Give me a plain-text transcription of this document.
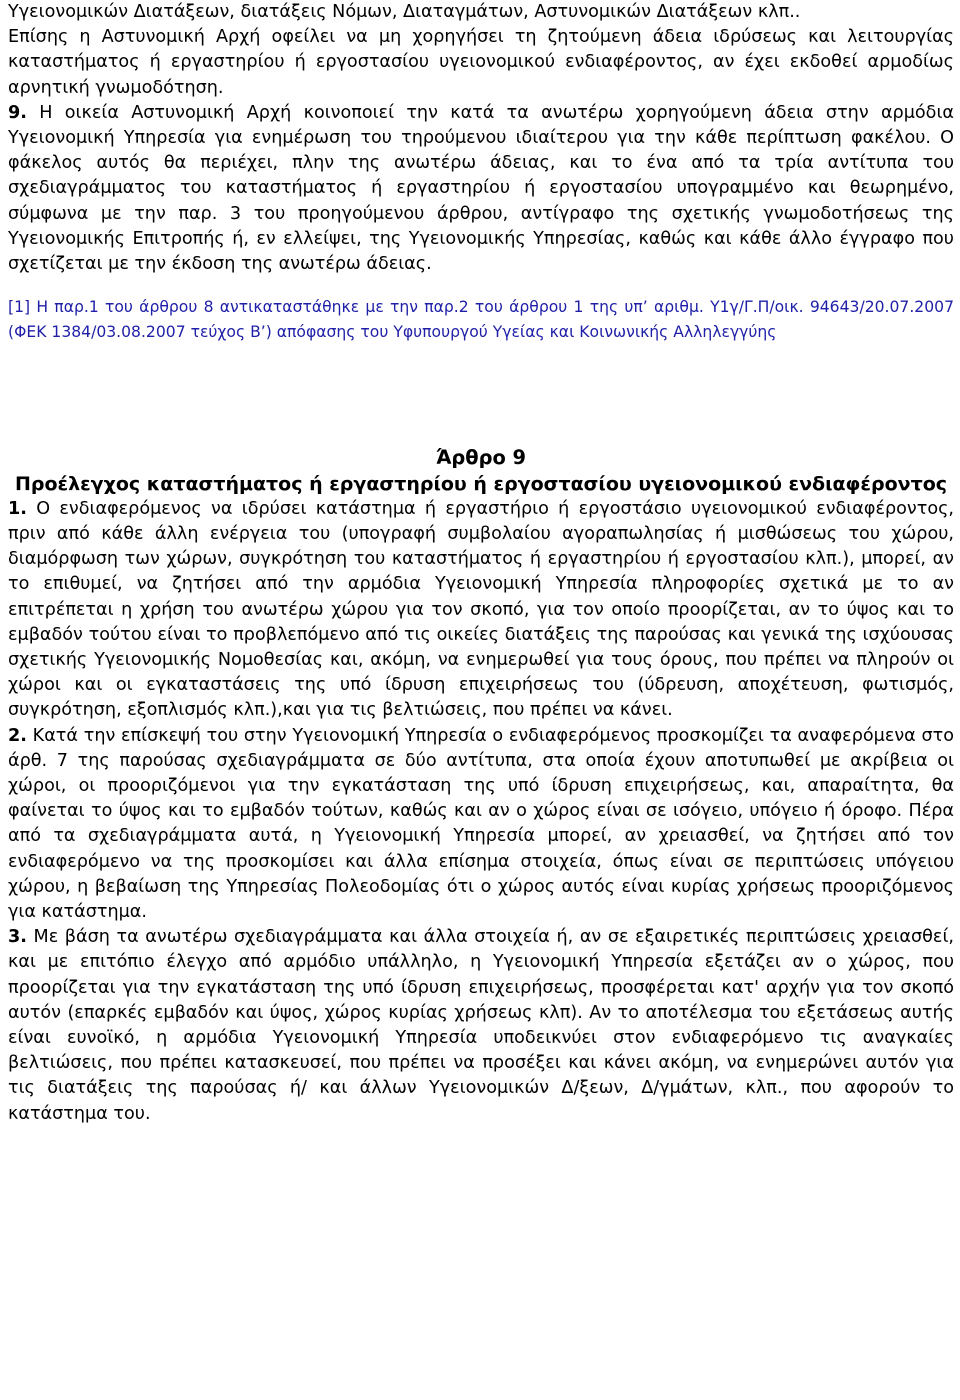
Υγειονομικών Διατάξεων, διατάξεις Νόμων, Διαταγμάτων, Αστυνομικών Διατάξεων κλπ..

Επίσης η Αστυνομική Αρχή οφείλει να μη χορηγήσει τη ζητούμενη άδεια ιδρύσεως και λειτουργίας καταστήματος ή εργαστηρίου ή εργοστασίου υγειονομικού ενδιαφέροντος, αν έχει εκδοθεί αρμοδίως αρνητική γνωμοδότηση.

9. Η οικεία Αστυνομική Αρχή κοινοποιεί την κατά τα ανωτέρω χορηγούμενη άδεια στην αρμόδια Υγειονομική Υπηρεσία για ενημέρωση του τηρούμενου ιδιαίτερου για την κάθε περίπτωση φακέλου. Ο φάκελος αυτός θα περιέχει, πλην της ανωτέρω άδειας, και το ένα από τα τρία αντίτυπα του σχεδιαγράμματος του καταστήματος ή εργαστηρίου ή εργοστασίου υπογραμμένο και θεωρημένο, σύμφωνα με την παρ. 3 του προηγούμενου άρθρου, αντίγραφο της σχετικής γνωμοδοτήσεως της Υγειονομικής Επιτροπής ή, εν ελλείψει, της Υγειονομικής Υπηρεσίας, καθώς και κάθε άλλο έγγραφο που σχετίζεται με την έκδοση της ανωτέρω άδειας.

[1] Η παρ.1 του άρθρου 8 αντικαταστάθηκε με την παρ.2 του άρθρου 1 της υπ’ αριθμ. Υ1γ/Γ.Π/οικ. 94643/20.07.2007 (ΦΕΚ 1384/03.08.2007 τεύχος Β’) απόφασης του Υφυπουργού Υγείας και Κοινωνικής Αλληλεγγύης

Άρθρο 9

Προέλεγχος καταστήματος ή εργαστηρίου ή εργοστασίου υγειονομικού ενδιαφέροντος

1. Ο ενδιαφερόμενος να ιδρύσει κατάστημα ή εργαστήριο ή εργοστάσιο υγειονομικού ενδιαφέροντος, πριν από κάθε άλλη ενέργεια του (υπογραφή συμβολαίου αγοραπωλησίας ή μισθώσεως του χώρου, διαμόρφωση των χώρων, συγκρότηση του καταστήματος ή εργαστηρίου ή εργοστασίου κλπ.), μπορεί, αν το επιθυμεί, να ζητήσει από την αρμόδια Υγειονομική Υπηρεσία πληροφορίες σχετικά με το αν επιτρέπεται η χρήση του ανωτέρω χώρου για τον σκοπό, για τον οποίο προορίζεται, αν το ύψος και το εμβαδόν τούτου είναι το προβλεπόμενο από τις οικείες διατάξεις της παρούσας και γενικά της ισχύουσας σχετικής Υγειονομικής Νομοθεσίας και, ακόμη, να ενημερωθεί για τους όρους, που πρέπει να πληρούν οι χώροι και οι εγκαταστάσεις της υπό ίδρυση επιχειρήσεως του (ύδρευση, αποχέτευση, φωτισμός, συγκρότηση, εξοπλισμός κλπ.),και για τις βελτιώσεις, που πρέπει να κάνει.

2. Κατά την επίσκεψή του στην Υγειονομική Υπηρεσία ο ενδιαφερόμενος προσκομίζει τα αναφερόμενα στο άρθ. 7 της παρούσας σχεδιαγράμματα σε δύο αντίτυπα, στα οποία έχουν αποτυπωθεί με ακρίβεια οι χώροι, οι προοριζόμενοι για την εγκατάσταση της υπό ίδρυση επιχειρήσεως, και, απαραίτητα, θα φαίνεται το ύψος και το εμβαδόν τούτων, καθώς και αν ο χώρος είναι σε ισόγειο, υπόγειο ή όροφο. Πέρα από τα σχεδιαγράμματα αυτά, η Υγειονομική Υπηρεσία μπορεί, αν χρειασθεί, να ζητήσει από τον ενδιαφερόμενο να της προσκομίσει και άλλα επίσημα στοιχεία, όπως είναι σε περιπτώσεις υπόγειου χώρου, η βεβαίωση της Υπηρεσίας Πολεοδομίας ότι ο χώρος αυτός είναι κυρίας χρήσεως προοριζόμενος για κατάστημα.

3. Με βάση τα ανωτέρω σχεδιαγράμματα και άλλα στοιχεία ή, αν σε εξαιρετικές περιπτώσεις χρειασθεί, και με επιτόπιο έλεγχο από αρμόδιο υπάλληλο, η Υγειονομική Υπηρεσία εξετάζει αν ο χώρος, που προορίζεται για την εγκατάσταση της υπό ίδρυση επιχειρήσεως, προσφέρεται κατ' αρχήν για τον σκοπό αυτόν (επαρκές εμβαδόν και ύψος, χώρος κυρίας χρήσεως κλπ). Αν το αποτέλεσμα του εξετάσεως αυτής είναι ευνοϊκό, η αρμόδια Υγειονομική Υπηρεσία υποδεικνύει στον ενδιαφερόμενο τις αναγκαίες βελτιώσεις, που πρέπει κατασκευσεί, που πρέπει να προσέξει και κάνει ακόμη, να ενημερώνει αυτόν για τις διατάξεις της παρούσας ή/ και άλλων Υγειονομικών Δ/ξεων, Δ/γμάτων, κλπ., που αφορούν το κατάστημα του.
